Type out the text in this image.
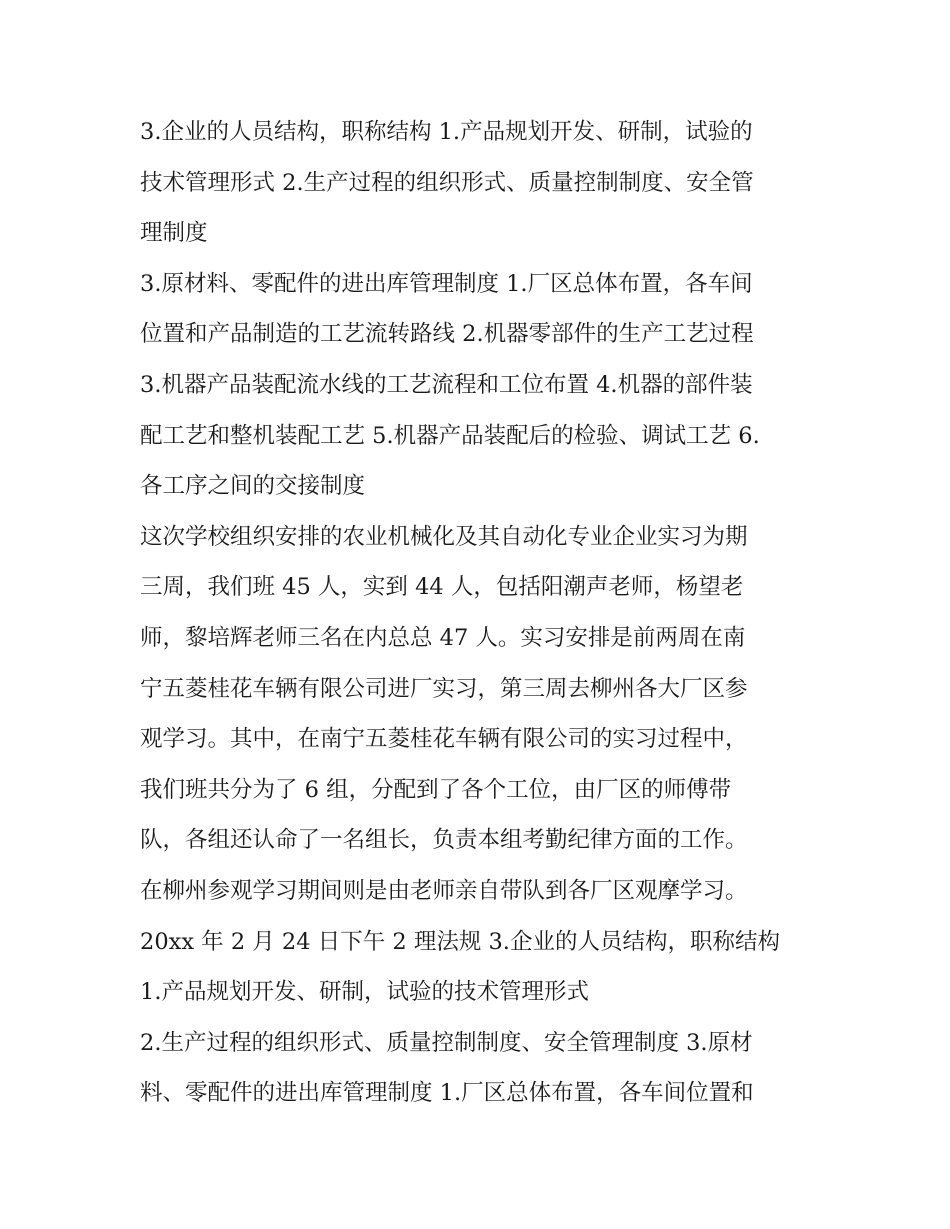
3.企业的人员结构，职称结构 1.产品规划开发、研制，试验的

技术管理形式 2.生产过程的组织形式、质量控制制度、安全管

理制度

3.原材料、零配件的进出库管理制度 1.厂区总体布置，各车间

位置和产品制造的工艺流转路线 2.机器零部件的生产工艺过程

3.机器产品装配流水线的工艺流程和工位布置 4.机器的部件装

配工艺和整机装配工艺 5.机器产品装配后的检验、调试工艺 6.

各工序之间的交接制度

这次学校组织安排的农业机械化及其自动化专业企业实习为期

三周，我们班 45 人，实到 44 人，包括阳潮声老师，杨望老

师，黎培辉老师三名在内总总 47 人。实习安排是前两周在南

宁五菱桂花车辆有限公司进厂实习，第三周去柳州各大厂区参

观学习。其中，在南宁五菱桂花车辆有限公司的实习过程中，

我们班共分为了 6 组，分配到了各个工位，由厂区的师傅带

队，各组还认命了一名组长，负责本组考勤纪律方面的工作。

在柳州参观学习期间则是由老师亲自带队到各厂区观摩学习。

20xx 年 2 月 24 日下午 2 理法规 3.企业的人员结构，职称结构

1.产品规划开发、研制，试验的技术管理形式

2.生产过程的组织形式、质量控制制度、安全管理制度 3.原材

料、零配件的进出库管理制度 1.厂区总体布置，各车间位置和
